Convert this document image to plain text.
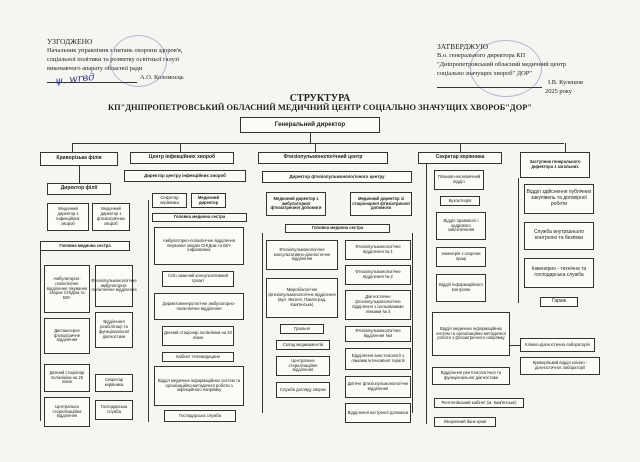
УЗГОДЖЕНО
Начальник управління з питань охорони здоров'я,
соціальної політики та розвитку освітньої галузі
виконавчого апарату обласної ради
А.О. Коломоєць
ψ. wrвд
ЗАТВЕРДЖУЮ
В.о. генерального директора КП
"Дніпропетровський обласний медичний центр
соціально значущих хвороб" ДОР"
І.В. Кулешов
2025 року
СТРУКТУРА
КП"ДНІПРОПЕТРОВСЬКИЙ ОБЛАСНИЙ МЕДИЧНИЙ ЦЕНТР СОЦІАЛЬНО ЗНАЧУЩИХ ХВОРОБ"ДОР"
Генеральний директор
Криворізька філія
Директор філії
Медичний директор з інфекційних хвороб
Медичний директор з фтизіатричних хвороб
Головна медична сестра
Амбулаторно-поліклінічне відділення лікування хворих СНІДом та ВІЛ-
Диспансерне фтизіатричне відділення
Денний стаціонар поліклініки на 25 ліжок
Центральна стерилізаційна відділення
Фтизіопульмонологічне амбулаторно-поліклінічне відділення
Відділення реабілітації та функціональної діагностики
Секретар керівника
Господарська служба
Центр інфекційних хвороб
Директор центру інфекційних хвороб
Секретар керівника
Медичний директор
Головна медична сестра
Амбулаторно-поліклінічне відділення лікування хворих СНІДом та ВІЛ-інфікованих
Сліп знаючий консультативний троакт
Дерматовенерологічне амбулаторно-поліклінічне відділення
Денний стаціонар поліклініки на 20 ліжок
Кабінет телемедицини
Відділ медичних інформаційних систем та організаційно-методичної роботи з інфекційного напрямку
Господарська служба
Фтизіопульмонологічний центр
Директор фтизіопульмонологічного центру
Медичний директор з амбулаторної фтизіатричної допомоги
Медичний директор зі стаціонарної фтизіатричної допомоги
Головна медична сестра
Фтизіопульмонологічне консультативно-діагностичне відділення
Мікробіологічне фтизіопульмонологічне відділення (вул. Янгеля, Павлоград, Кам'янське)
Гральня
Склад медикаментів
Центральне стерилізаційне відділення
Служба догляду хворих
Фтизіопульмонологічне відділення № 1
Фтизіопульмонологічне відділення № 2
Діагностичне фтизіопульмонологічне відділення з ізольованими ліжками № 3
Фтизіопульмонологічне відділення №4
Відділення анестезіології з ліжками інтенсивної терапії
Дитяче фтизіопульмонологічне відділення
Відділення екстреної допомоги
Секретар керівника
Планово-економічний відділ
Бухгалтерія
Відділ правового і кадрового забезпечення
Інженерія з охорони праці
Відділ інформаційного контролю
Відділ медичних інформаційних систем та організаційно-методичної роботи з фтизіатричного напрямку
Відділення рентгенологічної та функціональної діагностики
Рентгенівський кабінет (м. Кам'янське)
Лікарняний банк крові
Заступник генерального директора з загальних
Відділ здійснення публічних закупівель та договірної роботи
Служба внутрішнього контролю та безпеки
Інженерно - технічна та господарська служба
Гараж
Клініко-діагностична лабораторія
Криворізький відділ клініко - діагностичної лабораторії
